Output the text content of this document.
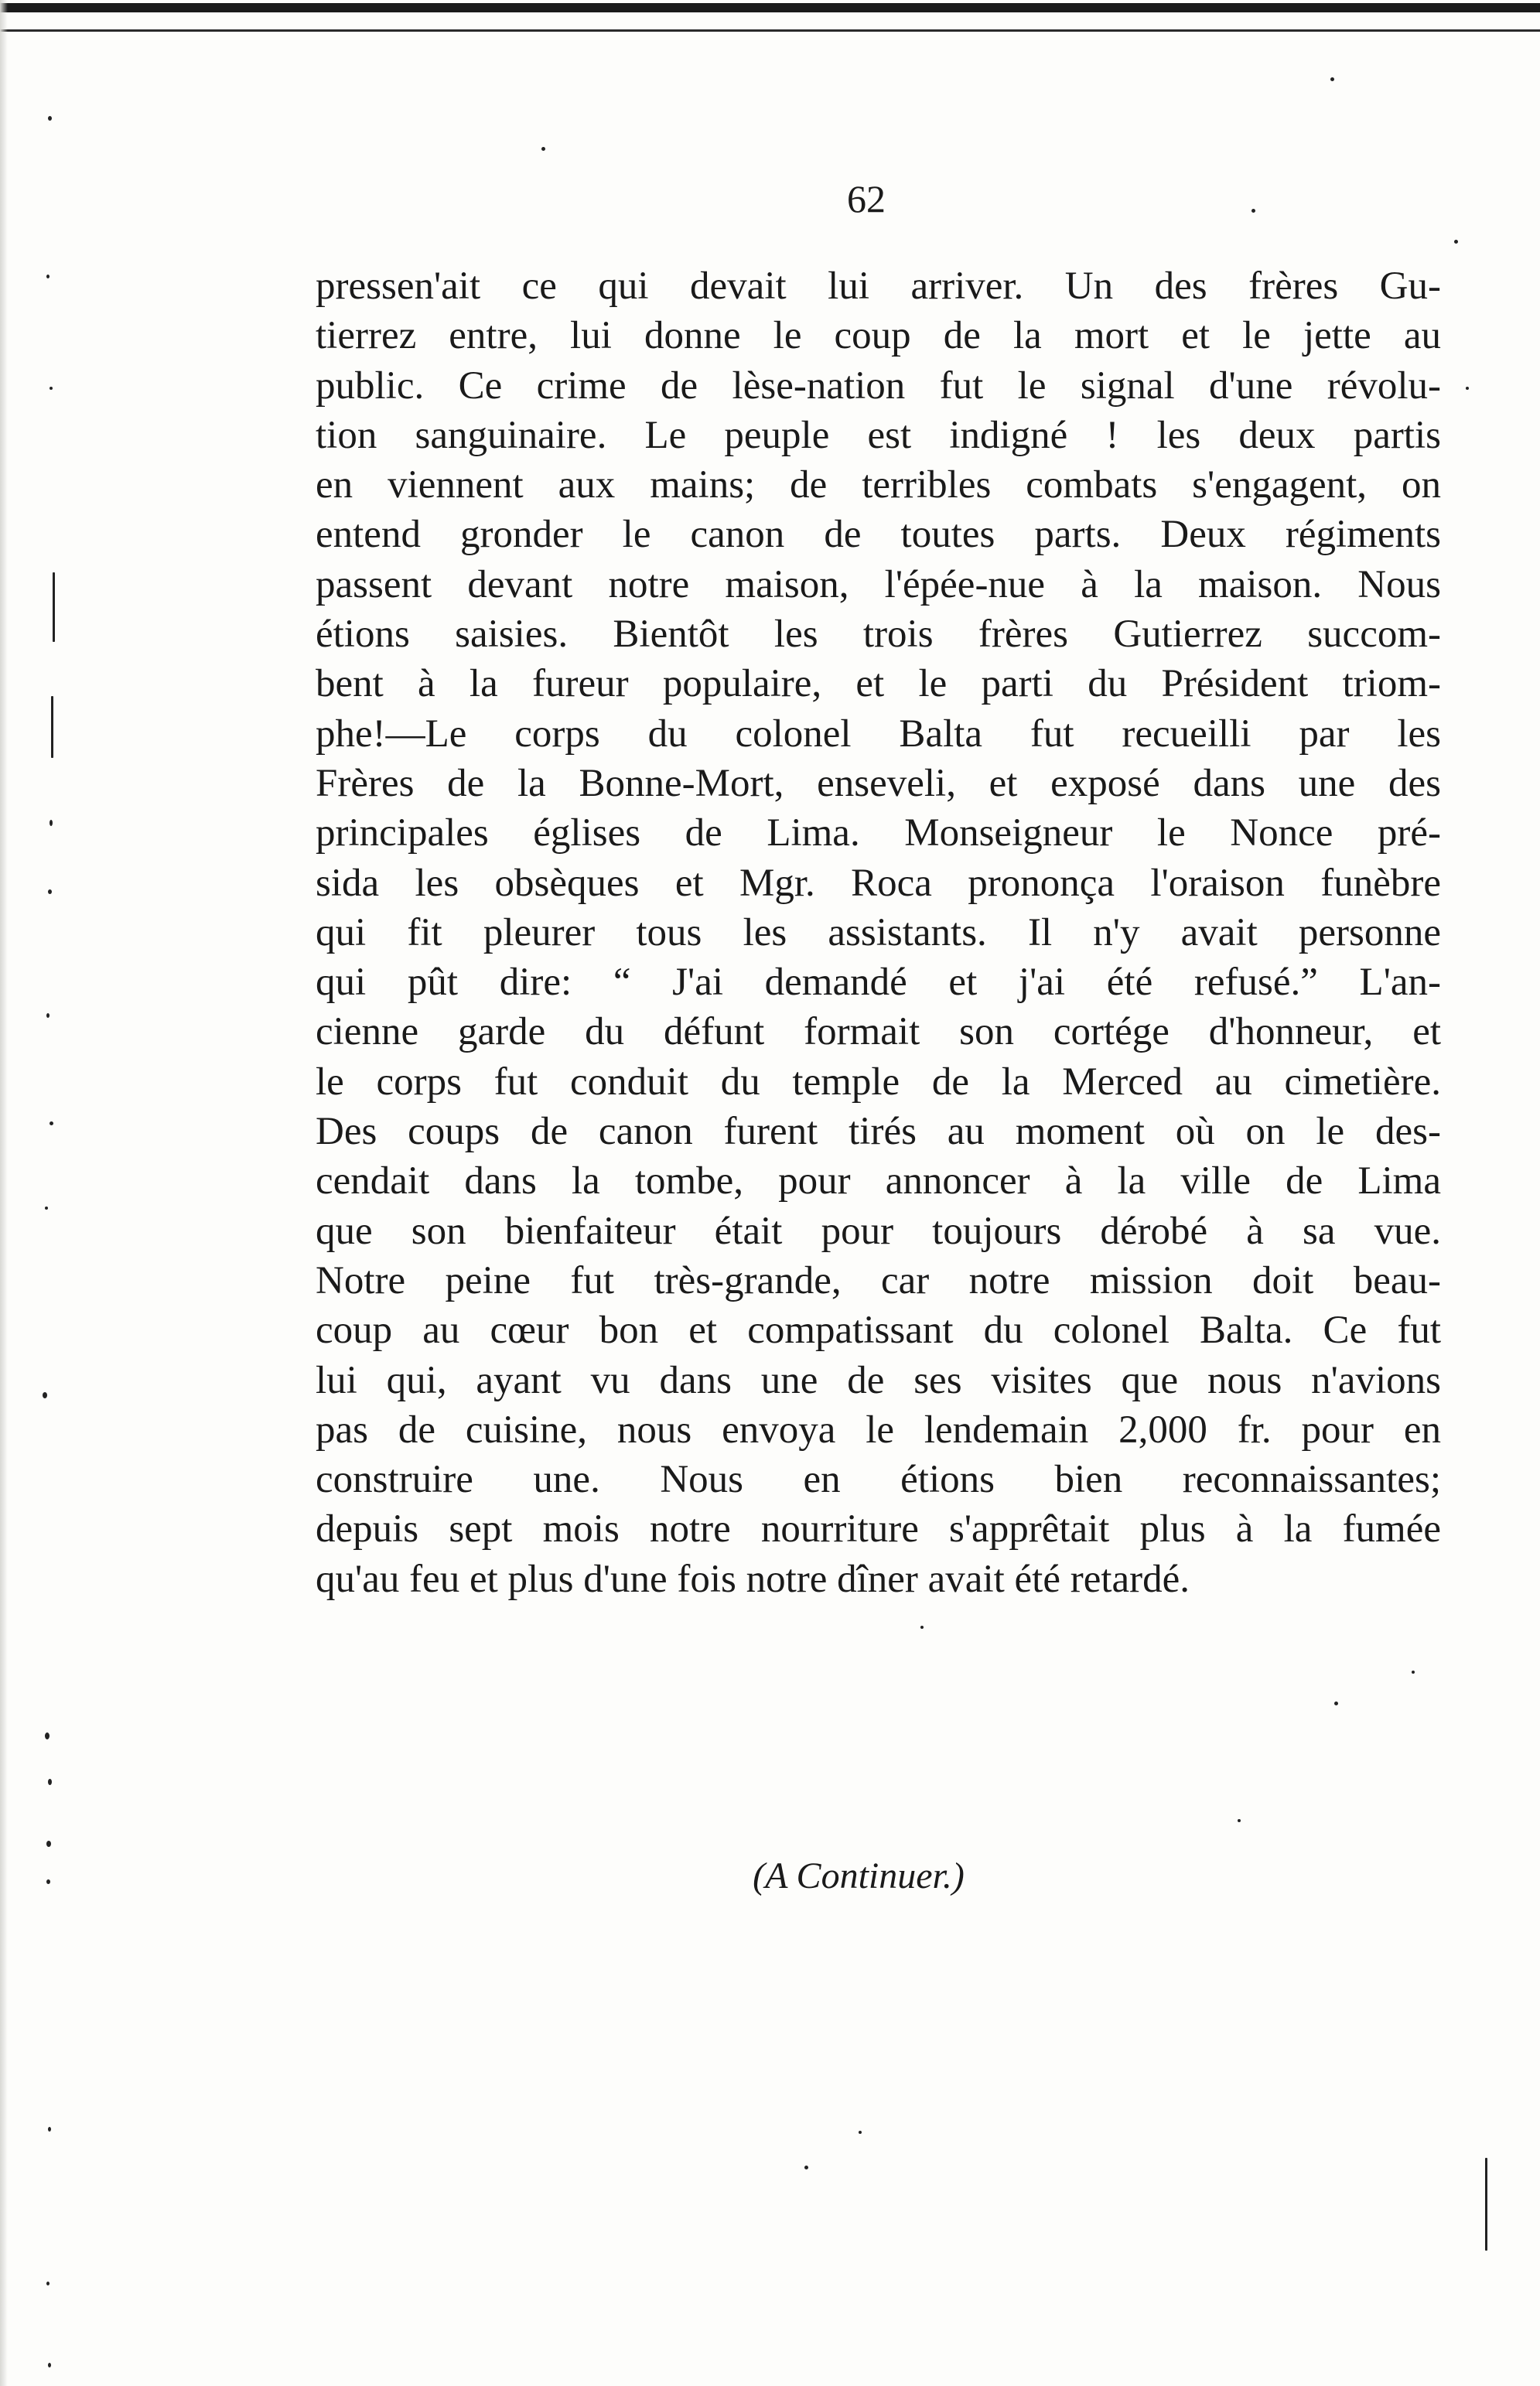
62
pressen'ait ce qui devait lui arriver. Un des frères Gu-
tierrez entre, lui donne le coup de la mort et le jette au
public. Ce crime de lèse-nation fut le signal d'une révolu-
tion sanguinaire. Le peuple est indigné ! les deux partis
en viennent aux mains; de terribles combats s'engagent, on
entend gronder le canon de toutes parts. Deux régiments
passent devant notre maison, l'épée-nue à la maison. Nous
étions saisies. Bientôt les trois frères Gutierrez succom-
bent à la fureur populaire, et le parti du Président triom-
phe!—Le corps du colonel Balta fut recueilli par les
Frères de la Bonne-Mort, enseveli, et exposé dans une des
principales églises de Lima. Monseigneur le Nonce pré-
sida les obsèques et Mgr. Roca prononça l'oraison funèbre
qui fit pleurer tous les assistants. Il n'y avait personne
qui pût dire: “ J'ai demandé et j'ai été refusé.” L'an-
cienne garde du défunt formait son cortége d'honneur, et
le corps fut conduit du temple de la Merced au cimetière.
Des coups de canon furent tirés au moment où on le des-
cendait dans la tombe, pour annoncer à la ville de Lima
que son bienfaiteur était pour toujours dérobé à sa vue.
Notre peine fut très-grande, car notre mission doit beau-
coup au cœur bon et compatissant du colonel Balta. Ce fut
lui qui, ayant vu dans une de ses visites que nous n'avions
pas de cuisine, nous envoya le lendemain 2,000 fr. pour en
construire une. Nous en étions bien reconnaissantes;
depuis sept mois notre nourriture s'apprêtait plus à la fumée
qu'au feu et plus d'une fois notre dîner avait été retardé.
(A Continuer.)
